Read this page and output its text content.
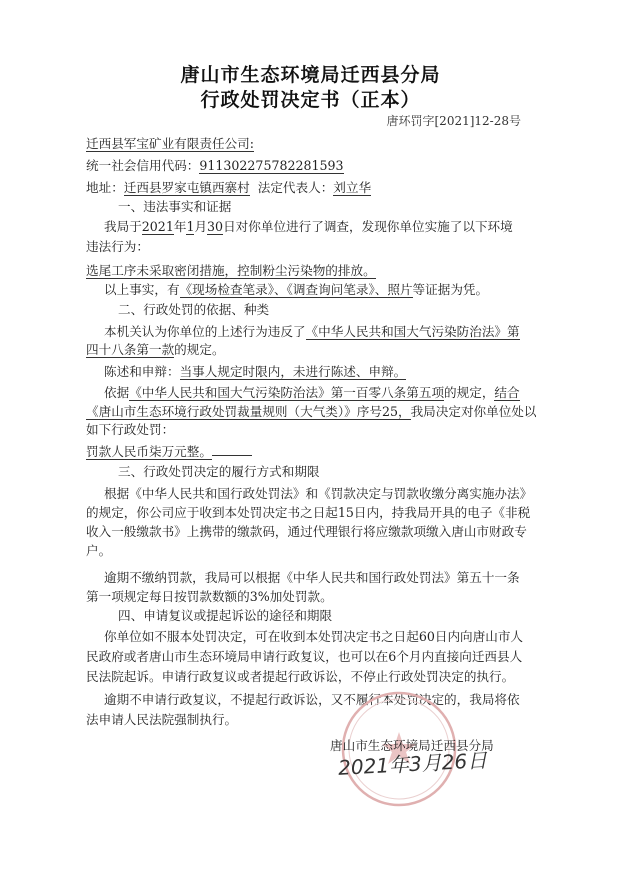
唐山市生态环境局迁西县分局
行政处罚决定书（正本）
唐环罚字[2021]12-28号
迁西县军宝矿业有限责任公司:
统一社会信用代码：911302275782281593
地址：迁西县罗家屯镇西寨村 法定代表人：刘立华
一、违法事实和证据
我局于2021年1月30日对你单位进行了调查，发现你单位实施了以下环境
违法行为：
选尾工序未采取密闭措施，控制粉尘污染物的排放。
以上事实，有《现场检查笔录》、《调查询问笔录》、照片等证据为凭。
二、行政处罚的依据、种类
本机关认为你单位的上述行为违反了《中华人民共和国大气污染防治法》第
四十八条第一款的规定。
陈述和申辩：当事人规定时限内，未进行陈述、申辩。
依据《中华人民共和国大气污染防治法》第一百零八条第五项的规定，结合
《唐山市生态环境行政处罚裁量规则（大气类）》序号25，我局决定对你单位处以
如下行政处罚：
罚款人民币柒万元整。
三、行政处罚决定的履行方式和期限
根据《中华人民共和国行政处罚法》和《罚款决定与罚款收缴分离实施办法》
的规定，你公司应于收到本处罚决定书之日起15日内，持我局开具的电子《非税
收入一般缴款书》上携带的缴款码，通过代理银行将应缴款项缴入唐山市财政专
户。
逾期不缴纳罚款，我局可以根据《中华人民共和国行政处罚法》第五十一条
第一项规定每日按罚款数额的3%加处罚款。
四、申请复议或提起诉讼的途径和期限
你单位如不服本处罚决定，可在收到本处罚决定书之日起60日内向唐山市人
民政府或者唐山市生态环境局申请行政复议，也可以在6个月内直接向迁西县人
民法院起诉。申请行政复议或者提起行政诉讼，不停止行政处罚决定的执行。
逾期不申请行政复议，不提起行政诉讼，又不履行本处罚决定的，我局将依
法申请人民法院强制执行。
唐山市生态环境局迁西县分局
2021年3月26日
